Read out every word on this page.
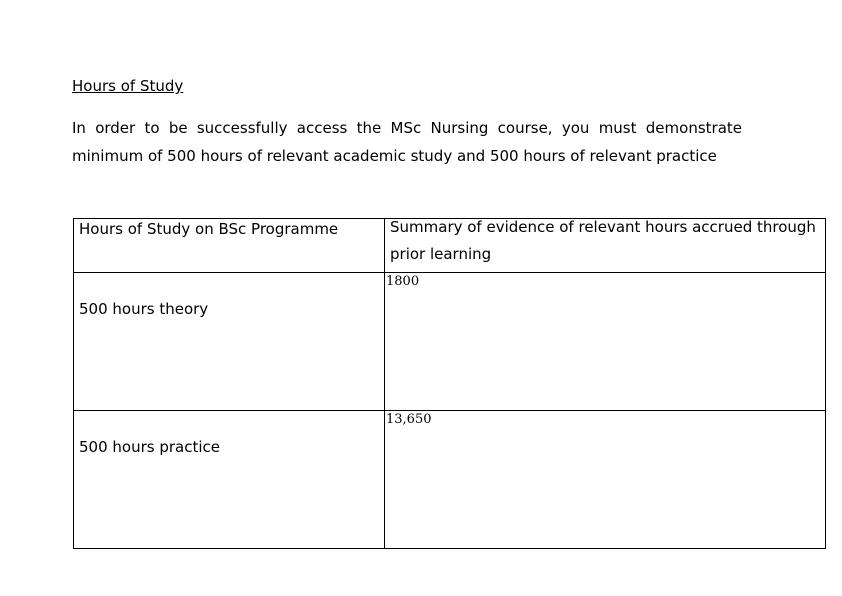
Hours of Study

In order to be successfully access the MSc Nursing course, you must demonstrate minimum of 500 hours of relevant academic study and 500 hours of relevant practice

Hours of Study on BSc Programme	Summary of evidence of relevant hours accrued through prior learning

500 hours theory	1800
500 hours practice	13,650
